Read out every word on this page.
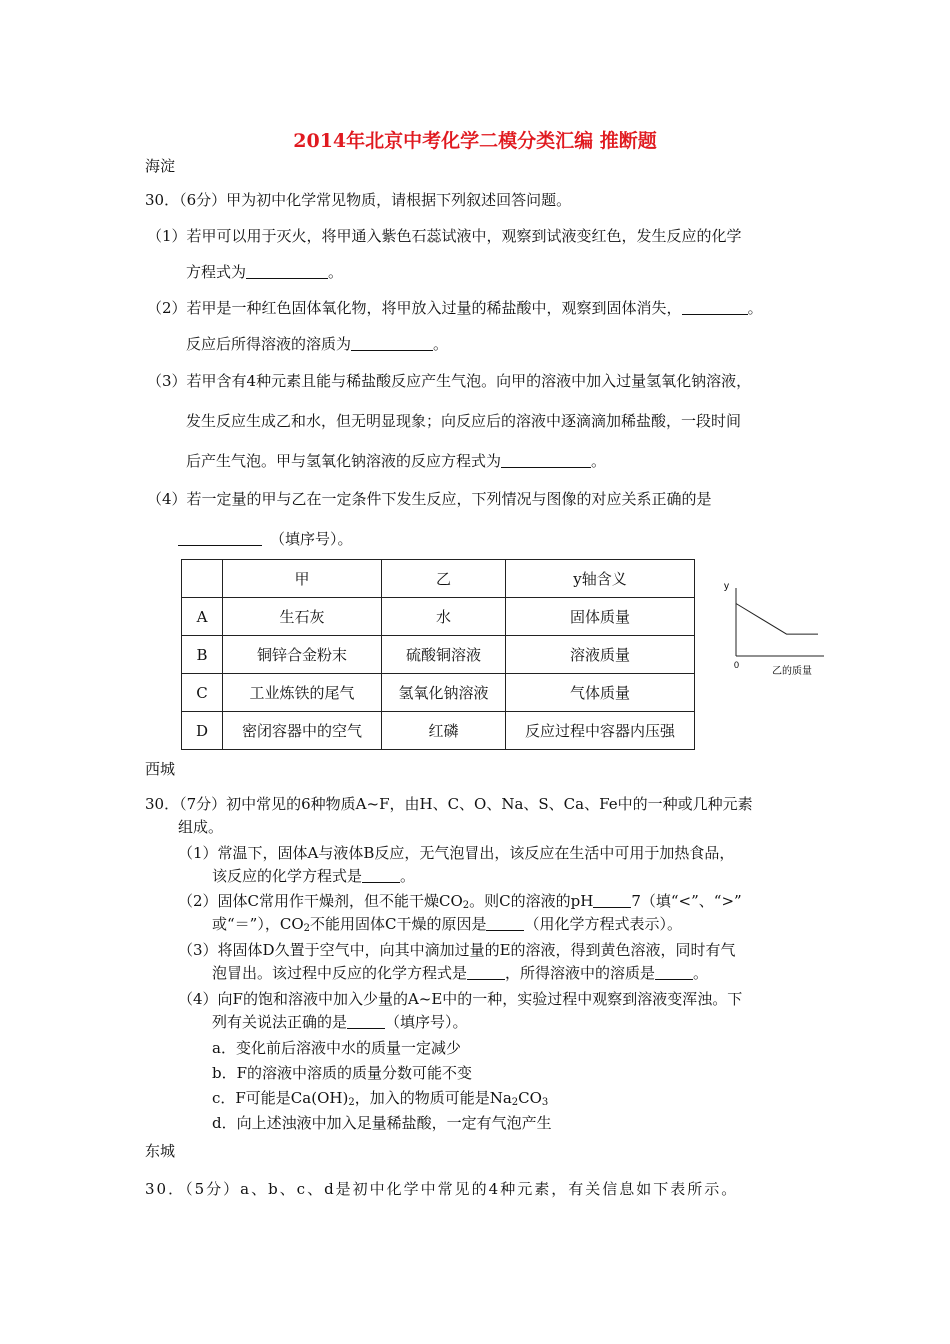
2014年北京中考化学二模分类汇编 推断题
海淀
30．（6分）甲为初中化学常见物质，请根据下列叙述回答问题。
（1）若甲可以用于灭火，将甲通入紫色石蕊试液中，观察到试液变红色，发生反应的化学
方程式为	。
（2）若甲是一种红色固体氧化物，将甲放入过量的稀盐酸中，观察到固体消失，	。
反应后所得溶液的溶质为	。
（3）若甲含有4种元素且能与稀盐酸反应产生气泡。向甲的溶液中加入过量氢氧化钠溶液，
发生反应生成乙和水，但无明显现象；向反应后的溶液中逐滴滴加稀盐酸，一段时间
后产生气泡。甲与氢氧化钠溶液的反应方程式为	。
（4）若一定量的甲与乙在一定条件下发生反应，下列情况与图像的对应关系正确的是
（填序号）。
	甲	乙	y轴含义
A	生石灰	水	固体质量
B	铜锌合金粉末	硫酸铜溶液	溶液质量
C	工业炼铁的尾气	氢氧化钠溶液	气体质量
D	密闭容器中的空气	红磷	反应过程中容器内压强
y
0
乙的质量
西城
30．（7分）初中常见的6种物质A~F，由H、C、O、Na、S、Ca、Fe中的一种或几种元素
组成。
（1）常温下，固体A与液体B反应，无气泡冒出，该反应在生活中可用于加热食品，
该反应的化学方程式是	。
（2）固体C常用作干燥剂，但不能干燥$CO_2$。则C的溶液的pH	7（填“<”、“>”
或“＝”），$CO_2$不能用固体C干燥的原因是	（用化学方程式表示）。
（3）将固体D久置于空气中，向其中滴加过量的E的溶液，得到黄色溶液，同时有气
泡冒出。该过程中反应的化学方程式是	，所得溶液中的溶质是	。
（4）向F的饱和溶液中加入少量的A~E中的一种，实验过程中观察到溶液变浑浊。下
列有关说法正确的是	（填序号）。
a．变化前后溶液中水的质量一定减少
b．F的溶液中溶质的质量分数可能不变
c．F可能是$Ca(OH)_2$，加入的物质可能是$Na_2CO_3$
d．向上述浊液中加入足量稀盐酸，一定有气泡产生
东城
30．（5分）a、b、c、d是初中化学中常见的4种元素，有关信息如下表所示。
